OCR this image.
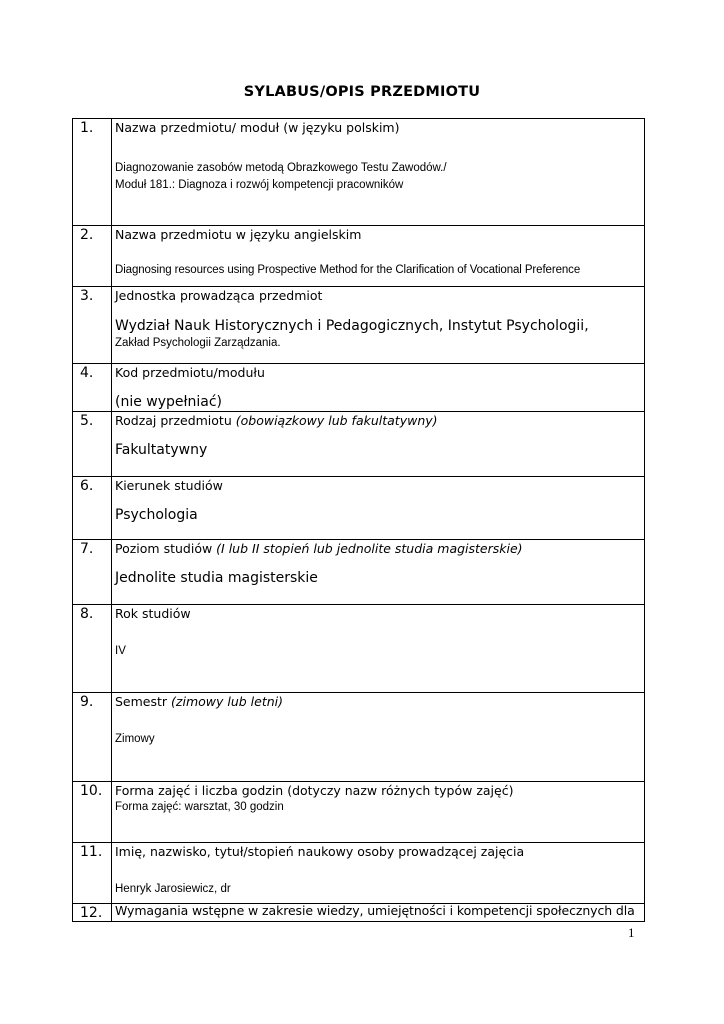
SYLABUS/OPIS PRZEDMIOTU
1.	Nazwa przedmiotu/ moduł (w języku polskim)
Diagnozowanie zasobów metodą Obrazkowego Testu Zawodów./
Moduł 181.: Diagnoza i rozwój kompetencji pracowników

2.	Nazwa przedmiotu w języku angielskim
Diagnosing resources using Prospective Method for the Clarification of Vocational Preference

3.	Jednostka prowadząca przedmiot
Wydział Nauk Historycznych i Pedagogicznych, Instytut Psychologii,
Zakład Psychologii Zarządzania.

4.	Kod przedmiotu/modułu
(nie wypełniać)

5.	Rodzaj przedmiotu (obowiązkowy lub fakultatywny)
Fakultatywny

6.	Kierunek studiów
Psychologia

7.	Poziom studiów (I lub II stopień lub jednolite studia magisterskie)
Jednolite studia magisterskie

8.	Rok studiów
IV

9.	Semestr (zimowy lub letni)
Zimowy

10.	Forma zajęć i liczba godzin (dotyczy nazw różnych typów zajęć)
Forma zajęć: warsztat, 30 godzin

11.	Imię, nazwisko, tytuł/stopień naukowy osoby prowadzącej zajęcia
Henryk Jarosiewicz, dr

12.	Wymagania wstępne w zakresie wiedzy, umiejętności i kompetencji społecznych dla
1
